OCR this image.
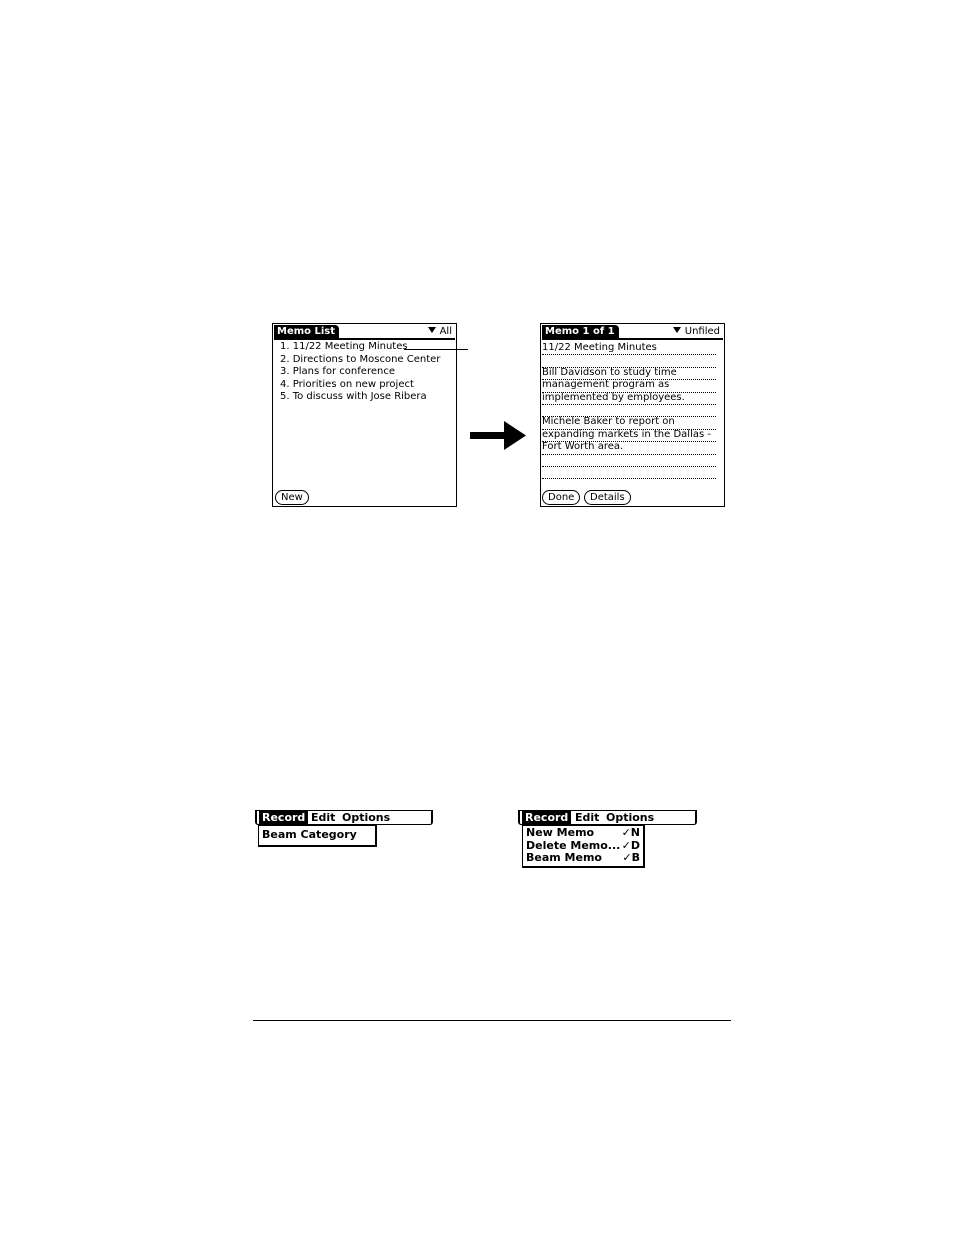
Memo List	All
1. 11/22 Meeting Minutes
2. Directions to Moscone Center
3. Plans for conference
4. Priorities on new project
5. To discuss with Jose Ribera
New
Memo 1 of 1	Unfiled
11/22 Meeting Minutes
Bill Davidson to study time
management program as
implemented by employees.
Michele Baker to report on
expanding markets in the Dallas -
Fort Worth area.
Done	Details
Record Edit Options
Beam Category
Record Edit Options
New Memo ✓N
Delete Memo... ✓D
Beam Memo ✓B
